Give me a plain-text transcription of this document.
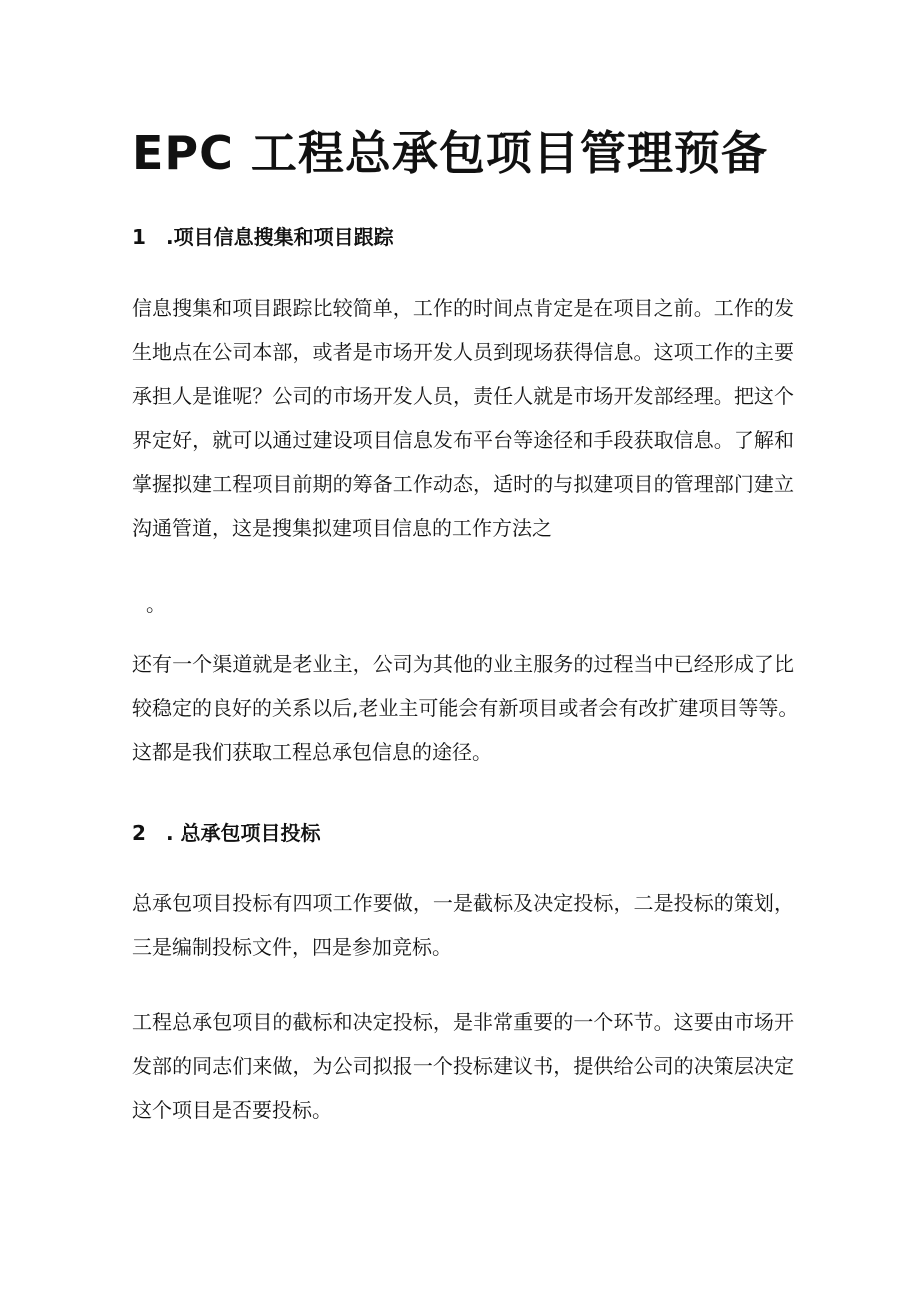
EPC 工程总承包项目管理预备
1 .项目信息搜集和项目跟踪
信息搜集和项目跟踪比较简单，工作的时间点肯定是在项目之前。工作的发
生地点在公司本部，或者是市场开发人员到现场获得信息。这项工作的主要
承担人是谁呢？公司的市场开发人员，责任人就是市场开发部经理。把这个
界定好，就可以通过建设项目信息发布平台等途径和手段获取信息。了解和
掌握拟建工程项目前期的筹备工作动态，适时的与拟建项目的管理部门建立
沟通管道，这是搜集拟建项目信息的工作方法之
。
还有一个渠道就是老业主，公司为其他的业主服务的过程当中已经形成了比
较稳定的良好的关系以后,老业主可能会有新项目或者会有改扩建项目等等。
这都是我们获取工程总承包信息的途径。
2 . 总承包项目投标
总承包项目投标有四项工作要做，一是截标及决定投标，二是投标的策划，
三是编制投标文件，四是参加竞标。
工程总承包项目的截标和决定投标，是非常重要的一个环节。这要由市场开
发部的同志们来做，为公司拟报一个投标建议书，提供给公司的决策层决定
这个项目是否要投标。
